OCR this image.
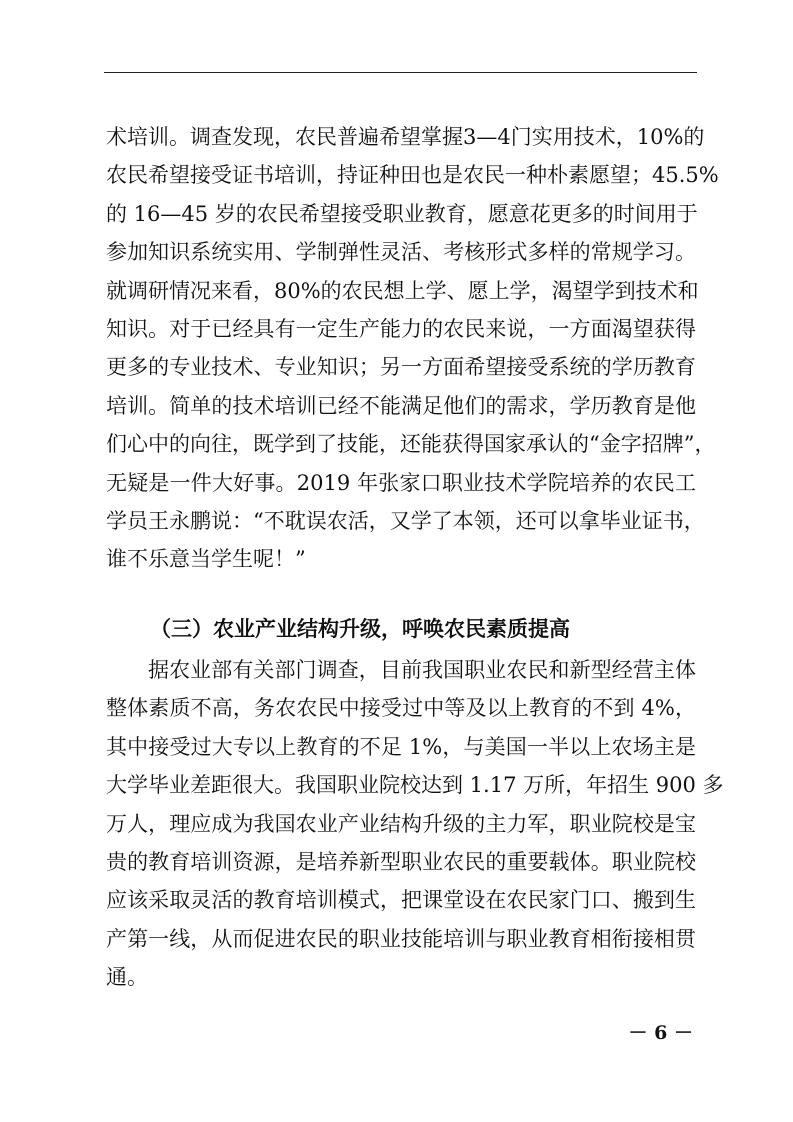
术培训。调查发现，农民普遍希望掌握3—4门实用技术，10%的
农民希望接受证书培训，持证种田也是农民一种朴素愿望；45.5%
的 16—45 岁的农民希望接受职业教育，愿意花更多的时间用于
参加知识系统实用、学制弹性灵活、考核形式多样的常规学习。
就调研情况来看，80%的农民想上学、愿上学，渴望学到技术和
知识。对于已经具有一定生产能力的农民来说，一方面渴望获得
更多的专业技术、专业知识；另一方面希望接受系统的学历教育
培训。简单的技术培训已经不能满足他们的需求，学历教育是他
们心中的向往，既学到了技能，还能获得国家承认的“金字招牌”，
无疑是一件大好事。2019 年张家口职业技术学院培养的农民工
学员王永鹏说：“不耽误农活，又学了本领，还可以拿毕业证书，
谁不乐意当学生呢！”
（三）农业产业结构升级，呼唤农民素质提高
据农业部有关部门调查，目前我国职业农民和新型经营主体
整体素质不高，务农农民中接受过中等及以上教育的不到 4%，
其中接受过大专以上教育的不足 1%，与美国一半以上农场主是
大学毕业差距很大。我国职业院校达到 1.17 万所，年招生 900 多
万人，理应成为我国农业产业结构升级的主力军，职业院校是宝
贵的教育培训资源，是培养新型职业农民的重要载体。职业院校
应该采取灵活的教育培训模式，把课堂设在农民家门口、搬到生
产第一线，从而促进农民的职业技能培训与职业教育相衔接相贯
通。
－ 6 －
